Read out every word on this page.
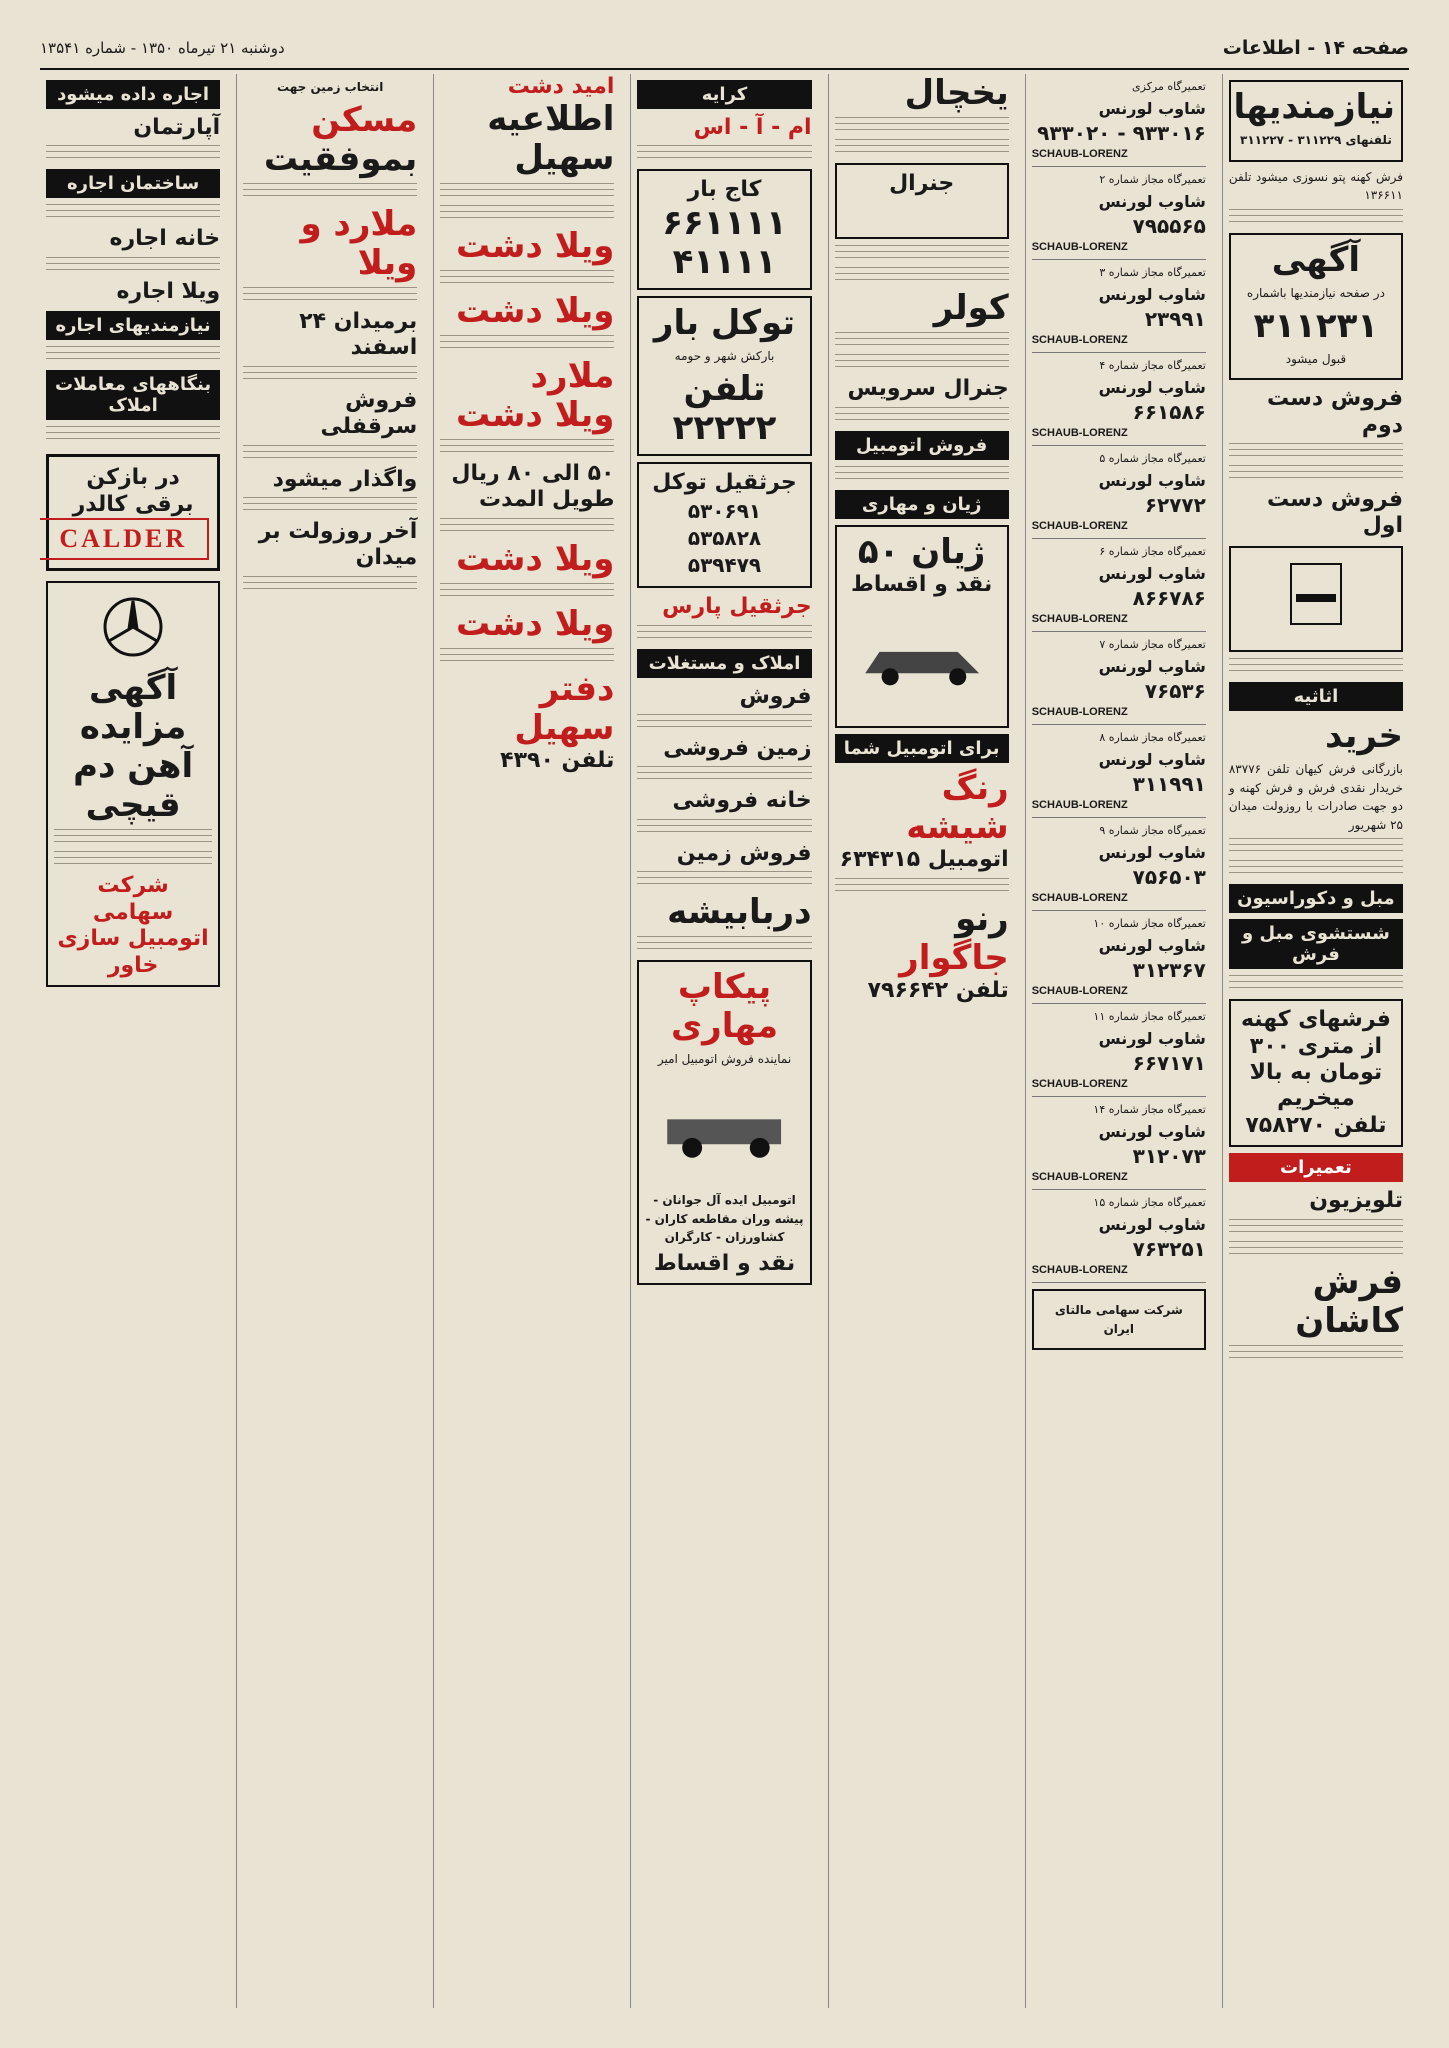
صفحه ۱۴ - اطلاعات
دوشنبه ۲۱ تیرماه ۱۳۵۰ - شماره ۱۳۵۴۱
نیازمندیها
تلفنهای ۳۱۱۲۲۹ - ۳۱۱۲۲۷
فرش کهنه پتو نسوزی میشود تلفن ۱۳۶۶۱۱
آگهی
در صفحه نیازمندیها باشماره
۳۱۱۲۳۱
قبول میشود
فروش دست دوم
فروش دست اول
اثاثیه
خرید
بازرگانی فرش کیهان تلفن ۸۳۷۷۶ خریدار نقدی فرش و فرش کهنه و دو جهت صادرات با روزولت میدان ۲۵ شهریور
مبل و دکوراسیون
شستشوی مبل و فرش
فرشهای کهنه از متری ۳۰۰ تومان به بالا میخریم
تلفن ۷۵۸۲۷۰
تعمیرات
تلویزیون
فرش کاشان
تعمیرگاه مرکزی
شاوب لورنس
۹۳۳۰۱۶ - ۹۳۳۰۲۰
SCHAUB-LORENZ
تعمیرگاه مجاز شماره ۲
شاوب لورنس
۷۹۵۵۶۵
SCHAUB-LORENZ
تعمیرگاه مجاز شماره ۳
شاوب لورنس
۲۳۹۹۱
SCHAUB-LORENZ
تعمیرگاه مجاز شماره ۴
شاوب لورنس
۶۶۱۵۸۶
SCHAUB-LORENZ
تعمیرگاه مجاز شماره ۵
شاوب لورنس
۶۲۷۷۲
SCHAUB-LORENZ
تعمیرگاه مجاز شماره ۶
شاوب لورنس
۸۶۶۷۸۶
SCHAUB-LORENZ
تعمیرگاه مجاز شماره ۷
شاوب لورنس
۷۶۵۳۶
SCHAUB-LORENZ
تعمیرگاه مجاز شماره ۸
شاوب لورنس
۳۱۱۹۹۱
SCHAUB-LORENZ
تعمیرگاه مجاز شماره ۹
شاوب لورنس
۷۵۶۵۰۳
SCHAUB-LORENZ
تعمیرگاه مجاز شماره ۱۰
شاوب لورنس
۳۱۲۳۶۷
SCHAUB-LORENZ
تعمیرگاه مجاز شماره ۱۱
شاوب لورنس
۶۶۷۱۷۱
SCHAUB-LORENZ
تعمیرگاه مجاز شماره ۱۴
شاوب لورنس
۳۱۲۰۷۳
SCHAUB-LORENZ
تعمیرگاه مجاز شماره ۱۵
شاوب لورنس
۷۶۳۲۵۱
SCHAUB-LORENZ
شرکت سهامی مالتای ایران
یخچال
جنرال
کولر
جنرال سرویس
فروش اتومبیل
ژیان و مهاری
ژیان ۵۰
نقد و اقساط
برای اتومبیل شما
رنگ شیشه
اتومبیل ۶۳۴۳۱۵
رنو
جاگوار
تلفن ۷۹۶۶۴۲
کرایه
ام - آ - اس
کاج بار
۶۶۱۱۱۱ ۴۱۱۱۱
توکل بار
بارکش شهر و حومه
تلفن ۲۲۲۲۲
جرثقیل توکل
۵۳۰۶۹۱
۵۳۵۸۲۸
۵۳۹۴۷۹
جرثقیل پارس
املاک و مستغلات
فروش
زمین فروشی
خانه فروشی
فروش زمین
دربابیشه
پیکاپ مهاری
نماینده فروش اتومبیل امیر
اتومبیل ایده آل جوانان - پیشه وران مقاطعه کاران - کشاورزان - کارگران
نقد و اقساط
امید دشت
اطلاعیه
سهیل
ویلا دشت
ویلا دشت
ملارد
ویلا دشت
۵۰ الی ۸۰ ریال
طویل المدت
ویلا دشت
ویلا دشت
دفتر سهیل
تلفن ۴۳۹۰
انتخاب زمین جهت
مسکن
بموفقیت
ملارد و ویلا
برمیدان ۲۴ اسفند
فروش سرقفلی
واگذار میشود
آخر روزولت بر میدان
اجاره داده میشود
آپارتمان
ساختمان اجاره
خانه اجاره
ویلا اجاره
نیازمندیهای اجاره
بنگاههای معاملات املاک
در بازکن برقی کالدر
CALDER
آگهی مزایده
آهن دم قیچی
شرکت سهامی اتومبیل سازی خاور
